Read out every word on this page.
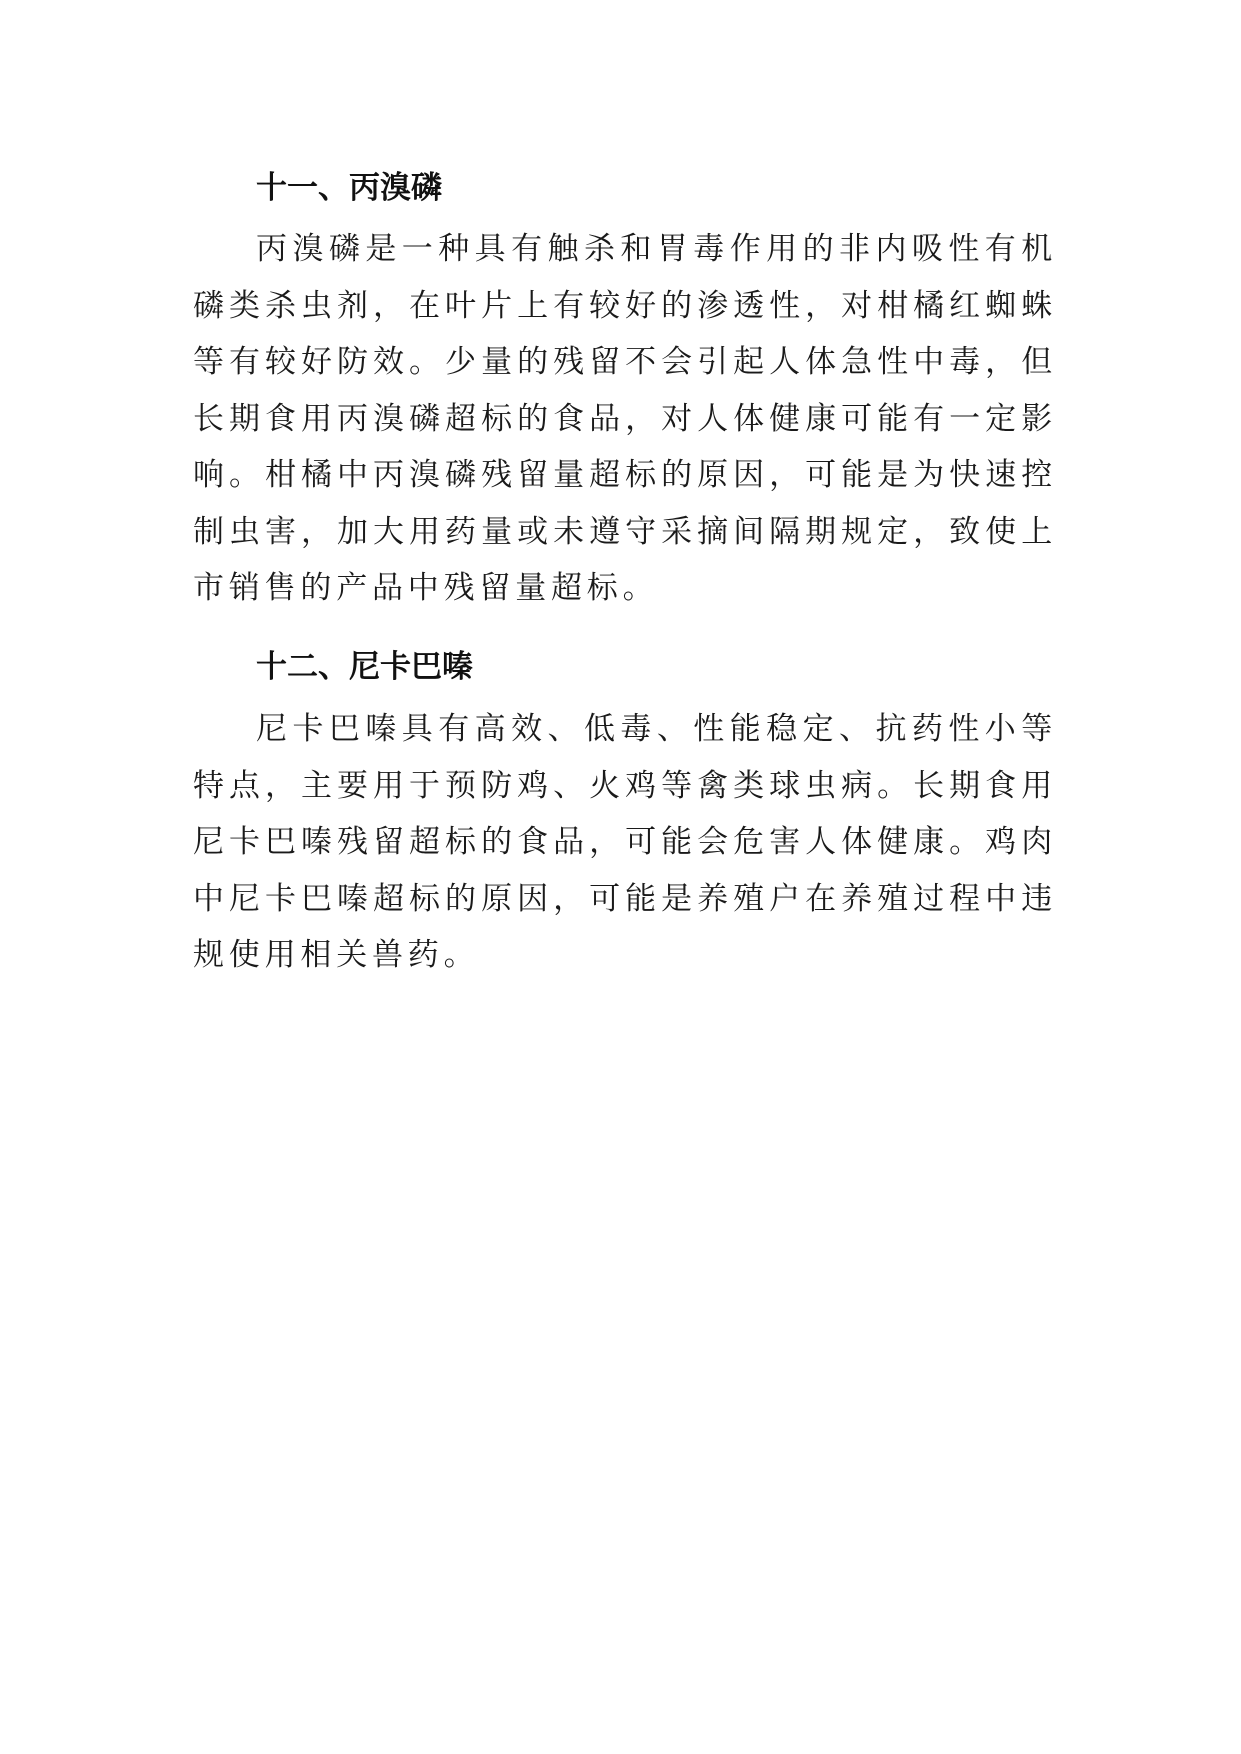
十一、丙溴磷

丙溴磷是一种具有触杀和胃毒作用的非内吸性有机磷类杀虫剂，在叶片上有较好的渗透性，对柑橘红蜘蛛等有较好防效。少量的残留不会引起人体急性中毒，但长期食用丙溴磷超标的食品，对人体健康可能有一定影响。柑橘中丙溴磷残留量超标的原因，可能是为快速控制虫害，加大用药量或未遵守采摘间隔期规定，致使上市销售的产品中残留量超标。

十二、尼卡巴嗪

尼卡巴嗪具有高效、低毒、性能稳定、抗药性小等特点，主要用于预防鸡、火鸡等禽类球虫病。长期食用尼卡巴嗪残留超标的食品，可能会危害人体健康。鸡肉中尼卡巴嗪超标的原因，可能是养殖户在养殖过程中违规使用相关兽药。
